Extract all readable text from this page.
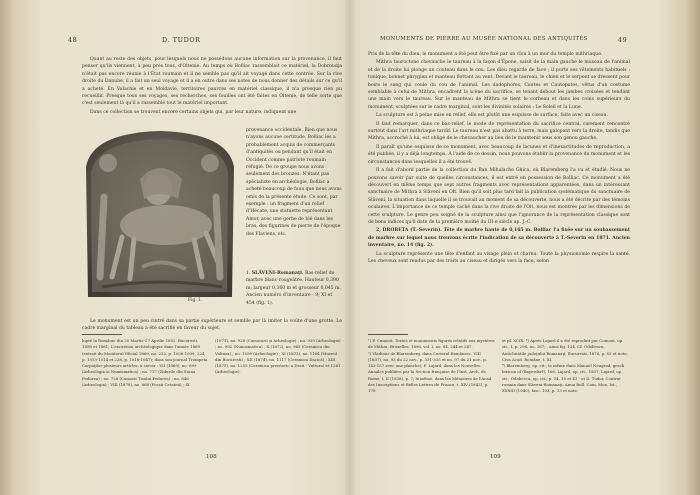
48	D. TUDOR

Quant au reste des objets, pour lesquels nous ne possédons aucune information sur la provenance, il faut penser qu'ils viennent, à peu près tous, d'Oltenie. Au temps où Bolliac rassemblait ce matériel, la Dobroudja n'était pas encore réunie à l'État roumain et il ne semble pas qu'il ait voyagé dans cette contrée. Sur la rive droite du Danube, il a fait un seul voyage et il a en outre dans ses notes de nous donner des détails sur ce qu'il a acheté. En Valachie et en Moldavie, territoires pauvres en matériel classique, il n'a presque rien pu recueillir. Presque tous ses voyages, ses recherches, ses fouilles ont été faites en Oltenie, de telle sorte que c'est seulement là qu'il a rassemblé tout le matériel important.

Dans ce collection se trouvent encore certains objets qui, par leur nature, indiquent une

Fig. 1.

provenance occidentale. Bien que nous n'ayons aucune certitude, Bolliac les a probablement acquis de commerçants d'antiquités ou pendant qu'il était en Occident comme patriote roumain réfugié. De ce groupe nous avons seulement des bronzes. N'étant pas spécialiste en archéologie, Bolliac a acheté beaucoup de faux que nous avons omis de la présente étude. Ce sont, par exemple : un fragment d'un relief d'Hécate, une statuette représentant Amor, avec une gerbe de blé dans les bras, des figurines de pierre de l'époque des Flaviens, etc.

1. SLĂVENI-Romanaţi. Bas-relief de marbre blanc-rougeâtre. Hauteur 0,390 m; largeur 0,360 m et grosseur 0,045 m. Ancien numéro d'inventaire : 9; XI et 454 (fig. 1).

Le monument est un peu cintré dans sa partie supérieure et semble par là imiter la voûte d'une grotte. Le cadre marginal du tableau a été sacrifié en faveur du sujet,

lupté la Românie din 20 Martie-27 Aprilie 1852, Bucuresti, 1858 et 1861; L'excursion archéologique dans l'année 1869 (extrait du Monitorul Oficial 1869, no. 222, p. 1006-1009, 224, p. 1013-1014 et 228, p. 1018-1047); dans son journal Trompeta Carpaţilor plusieurs articles, à savoir : VII (1869), no. 699 (Arheologia și Numismatica) ; no. 717 (Zidurile din Stana Pedurea) ; no. 728 (Comorii Tisului Pedurea) ; no. 846 (Arheologia) ; VIII (1870), no. 868 (Focșii Cetateii) ; IX

(1871), no. 928 (Comorarii și Arheologie) ; no. 939 (Arheologie) ; no. 992 (Numismatica) ; X (1872), no. 965 (Ceramica din Vultura) ; no. 1059 (Arheologie) ; XI (1873), no. 1164 (Muzeul din Bucuresti) ; XII (1874), no. 1117 (Ceramica Dacică) ; XIII (1875), no. 1255 (Ceramica preistoric a Dacii - Vultura) et 1261 (Arheologie).

108
MONUMENTS DE PIERRE AU MUSÉE NATIONAL DES ANTIQUITÉS	49

Pris de la tête du dieu, le monument a été peut être fixé par un clou à un mur du temple mithriaque.

Mithra tauroctone chevauche le taureau à la façon d'Épone, saisit de la main gauche le museau de l'animal et de la droite lui plonge un couteau dans le cou. Les dieu regarde de face ; il porte ses vêtements habituels : tunique, bonnet phrygien et manteau flottant au vent. Devant le taureau, le chien et le serpent se dressent pour boire le sang qui coule du cou de l'animal. Les dadophores, Cautes et Cautopates, vêtus d'un costume semblable à celui de Mithra, encadrent la scène du sacrifice, se tenant debout les jambes croisées et tendant une main vers le taureau. Sur le manteau de Mithra se tient le corbeau et dans les coins supérieurs du monument, sculptées sur le cadre marginal, sont les divinités solaires : Le Soleil et la Lune.

La sculpture est à peine mise en relief, elle est plutôt une esquisse de surface, faite avec un ciseau.

Il faut remarquer, dans ce bas-relief, le mode de représentation du sacrifice central, rarement rencontré surtout dans l'art mithriaque tardif. Le taureau n'est pas abattu à terre, mais galopant vers la droite, tandis que Mithra, accroché à lui, est obligé de le chevaucher au lieu de le maintenir sous son genou gauche.

Il paraît qu'une esquisse de ce monument, avec beaucoup de lacunes et d'inexactitudes de reproduction, a été publiée, il y a déjà longtemps. À l'aide de ce dessin, nous pouvons établir la provenance du monument et les circonstances dans lesquelles il a été trouvé.

Il a fait d'abord partie de la collection du Ban Mihalache Ghica, où Blaremberg l'a vu et étudié. Nous ne pouvons savoir par suite de quelles circonstances, il est entré en possession de Bolliac. Ce monument a été découvert en même temps que sept autres fragments avec représentations apparentées, dans un intéressant sanctuaire de Mithra à Slăveni en Olt. Bien qu'il soit plus tard fait la publication systématique du sanctuaire de Slăveni, la situation dans laquelle il se trouvait au moment de sa découverte, nous a été décrite par des témoins oculaires. L'importance de ce temple caché dans la rive droite de l'Olt, nous est montrée par les dimensions de cette sculpture. Le genre peu soigné de la sculpture ainsi que l'ignorance de la représentation classique sont de bons indices qu'il date de la première moitié du III-e siècle ap. J.-C.

2, DROBETA (T.-Severin). Tête de marbre haute de 0,165 m. Bolliac l'a fixée sur un soubassement de marbre sur lequel nous trouvons écrite l'indication de sa découverte à T.-Severin en 1871. Ancien inventaire, no. 14 (fig. 2).

La sculpture représente une tête d'enfant au visage plein et charnu. Toute la physionomie respire la santé. Les cheveux sont rendus par des traits au ciseau et dirigés vers la face, selon

¹) F. Cumont, Textes et monuments figurés relatifs aux mystères de Mithra, Bruxelles, 1896, vol. I, no. 84, 244 et 247.

²) Vladimir de Blaremberg, dans Curierul Românesc, VIII (1837), no. 93 du 22 nov., p. 331-335 et no. 97 du 21 nov., p. 143-157 avec une planche); F. Lajard, dans les Nouvelles Annales publiées par la Section française de l'Inst. Arch. de Rome, t. II (1838), p. 7; le même, dans les Mémoires de l'Acad. des Inscriptions et Belles Lettres de France, t. XIV (1843), p. 178

et pl. XCIX. ³) Après Lajard il a été reproduit par Cumont, op. cit., I, p. 298, no. 187; , ainsi fig. 124. Cf. Odobescu, Antichitătile judeţului Romanaţi, Bucuresti, 1878, p. 83 et note; Civa Acad. Române, t. XI.

⁴) Blaremberg, op. cit.; le même dans Manuel Neugrad, gesch lexicon of (Bayerdorf), 166. Lajard, op. cit., 1837; Lajard, op. cit.; Odobescu, op. cit., p. 14, 15 et 43 - et D. Tudor, Contrat romain dans Slăveni-Romanaţi, Anua Bull. Com. Mon. Ist., XXXIII (1940), fasc. 103, p. 13 et note.

109
